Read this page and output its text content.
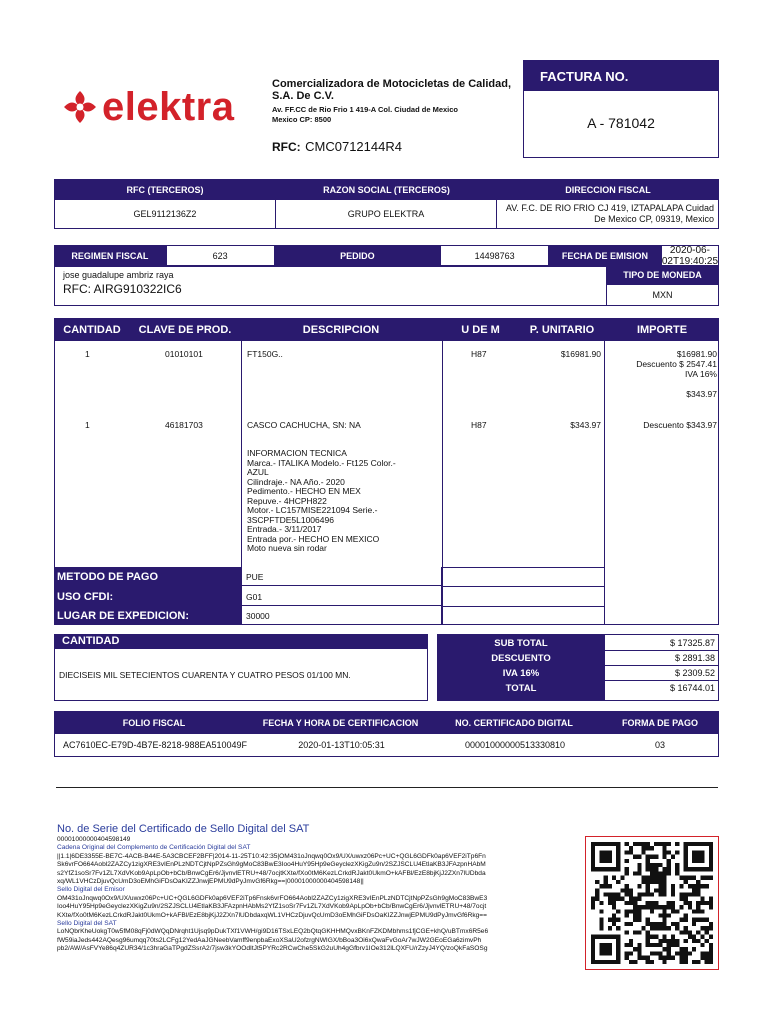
elektra
Comercializadora de Motocicletas de Calidad, S.A. De C.V.
Av. FF.CC de Rio Frio 1 419-A Col. Ciudad de Mexico
Mexico CP: 8500
RFC: CMC0712144R4
FACTURA NO.
A - 781042
RFC (TERCEROS)	RAZON SOCIAL (TERCEROS)	DIRECCION FISCAL
GEL9112136Z2	GRUPO ELEKTRA
AV. F.C. DE RIO FRIO CJ 419, IZTAPALAPA Cuidad De Mexico CP, 09319, Mexico
REGIMEN FISCAL	623	PEDIDO	14498763	FECHA DE EMISION	2020-06-02T19:40:25
jose guadalupe ambriz raya
RFC: AIRG910322IC6
TIPO DE MONEDA
MXN
CANTIDAD	CLAVE DE PROD.	DESCRIPCION	U DE M	P. UNITARIO	IMPORTE
1	01010101	FT150G..	H87	$16981.90	$16981.90
Descuento $ 2547.41
IVA 16%
$343.97
1	46181703	CASCO CACHUCHA, SN: NA	H87	$343.97	Descuento $343.97
INFORMACION TECNICA
Marca.- ITALIKA Modelo.- Ft125 Color.-
AZUL
Cilindraje.- NA Año.- 2020
Pedimento.- HECHO EN MEX
Repuve.- 4HCPH822
Motor.- LC157MISE221094 Serie.-
3SCPFTDE5L1006496
Entrada.- 3/11/2017
Entrada por.- HECHO EN MEXICO
Moto nueva sin rodar
METODO DE PAGO	PUE
USO CFDI:	G01
LUGAR DE EXPEDICION:	30000
CANTIDAD
DIECISEIS MIL SETECIENTOS CUARENTA Y CUATRO PESOS 01/100 MN.
SUB TOTAL	$ 17325.87
DESCUENTO	$ 2891.38
IVA 16%	$ 2309.52
TOTAL	$ 16744.01
FOLIO FISCAL	FECHA Y HORA DE CERTIFICACION	NO. CERTIFICADO DIGITAL	FORMA DE PAGO
AC7610EC-E79D-4B7E-8218-988EA510049F	2020-01-13T10:05:31	00001000000513330810	03
No. de Serie del Certificado de Sello Digital del SAT
00001000000404598149
Cadena Original del Complemento de Certificación Digital del SAT
||1.1|6DE3355E-BE7C-4ACB-B44E-5A3CBCEF2BFF|2014-11-25T10:42:35|OM431oJnqwq0Ox9/UX/uwxz06Pc+UC+QGL6GDFk0ap6VEF2iTp6Fn
Sk6vrFO664Aobl2ZAZCy1zigXRE3vIEnPLzNDTCjtNpPZsGh9gMoC83BwE3Ioo4HuY95Hp9eGeyclezXKigZu9n/2SZJSCLU4EtlaKB3JFAzpnHAbM
s2YfZ1soSr7Fv1ZL7XdVKob9ApLpOb+bCb/BnwCgEr6/JjvnvlETRU+48/7ocjtKXte/fXo0tM6KezLCrkdRJakt0UkmO+kAFBl/EzE8bjKjJ2ZXn7lUDbda
xq/WL1VHCzDjuvQcUmD3oEMhGiFDsOaKIZZJnwjEPMU9dPyJmvGf6Rkg==|00001000000404598148||
Sello Digital del Emisor
OM431oJnqwq0Ox9/UX/uwxz06Pc+UC+QGL6GDFk0ap6VEF2iTp6Fnsk6vrFO664Aobl2ZAZCy1zigXRE3vIEnPLzNDTCjtNpPZsGh9gMoC83BwE3
Ioo4HuY95Hp9eGeyclezXKigZu9n/2SZJSCLU4EtlaKB3JFAzpnHAbMs2YfZ1soSr7Fv1ZL7XdVKob9ApLpOb+bCb/BnwCgEr6/JjvnvlETRU+48/7ocjt
KXte/fXo0tM6KezLCrkdRJakt0UkmO+kAFBl/EzE8bjKjJ2ZXn7lUDbdaxqWL1VHCzDjuvQcUmD3oEMhGiFDsOaKIZZJnwjEPMU9dPyJmvGf6Rkg==
Sello Digital del SAT
LoNQbrKheUokgT0w5fM08qFj0dWQqDNrqht1Ujsq9pDukTXf1VWH/gi9D16TSxLEQ2bQtqGKHHMQvxBKnFZKDMbhms1fjCGE+khQ/uBTmx6R5e6
fW59iaJeds442AQesg96umqq70ts2LCFg12YedAaJGNeebVamff9enpbaExoXSaU2ofzrgNWIGX/bBoa3Oi6xQwaFvGoAr7wJW2GEoEGa6zimvPh
pb2/AW/AsFVYe86q4ZUR34/1c3hraGaTPgdZSsrA2/7jsw3kYOOdItJt5PYRc2RCwChe5SkG2uUh4gGfbrv1IOe312lLQXFU/rZzyJ4YQ/zoQkFaSOSg
